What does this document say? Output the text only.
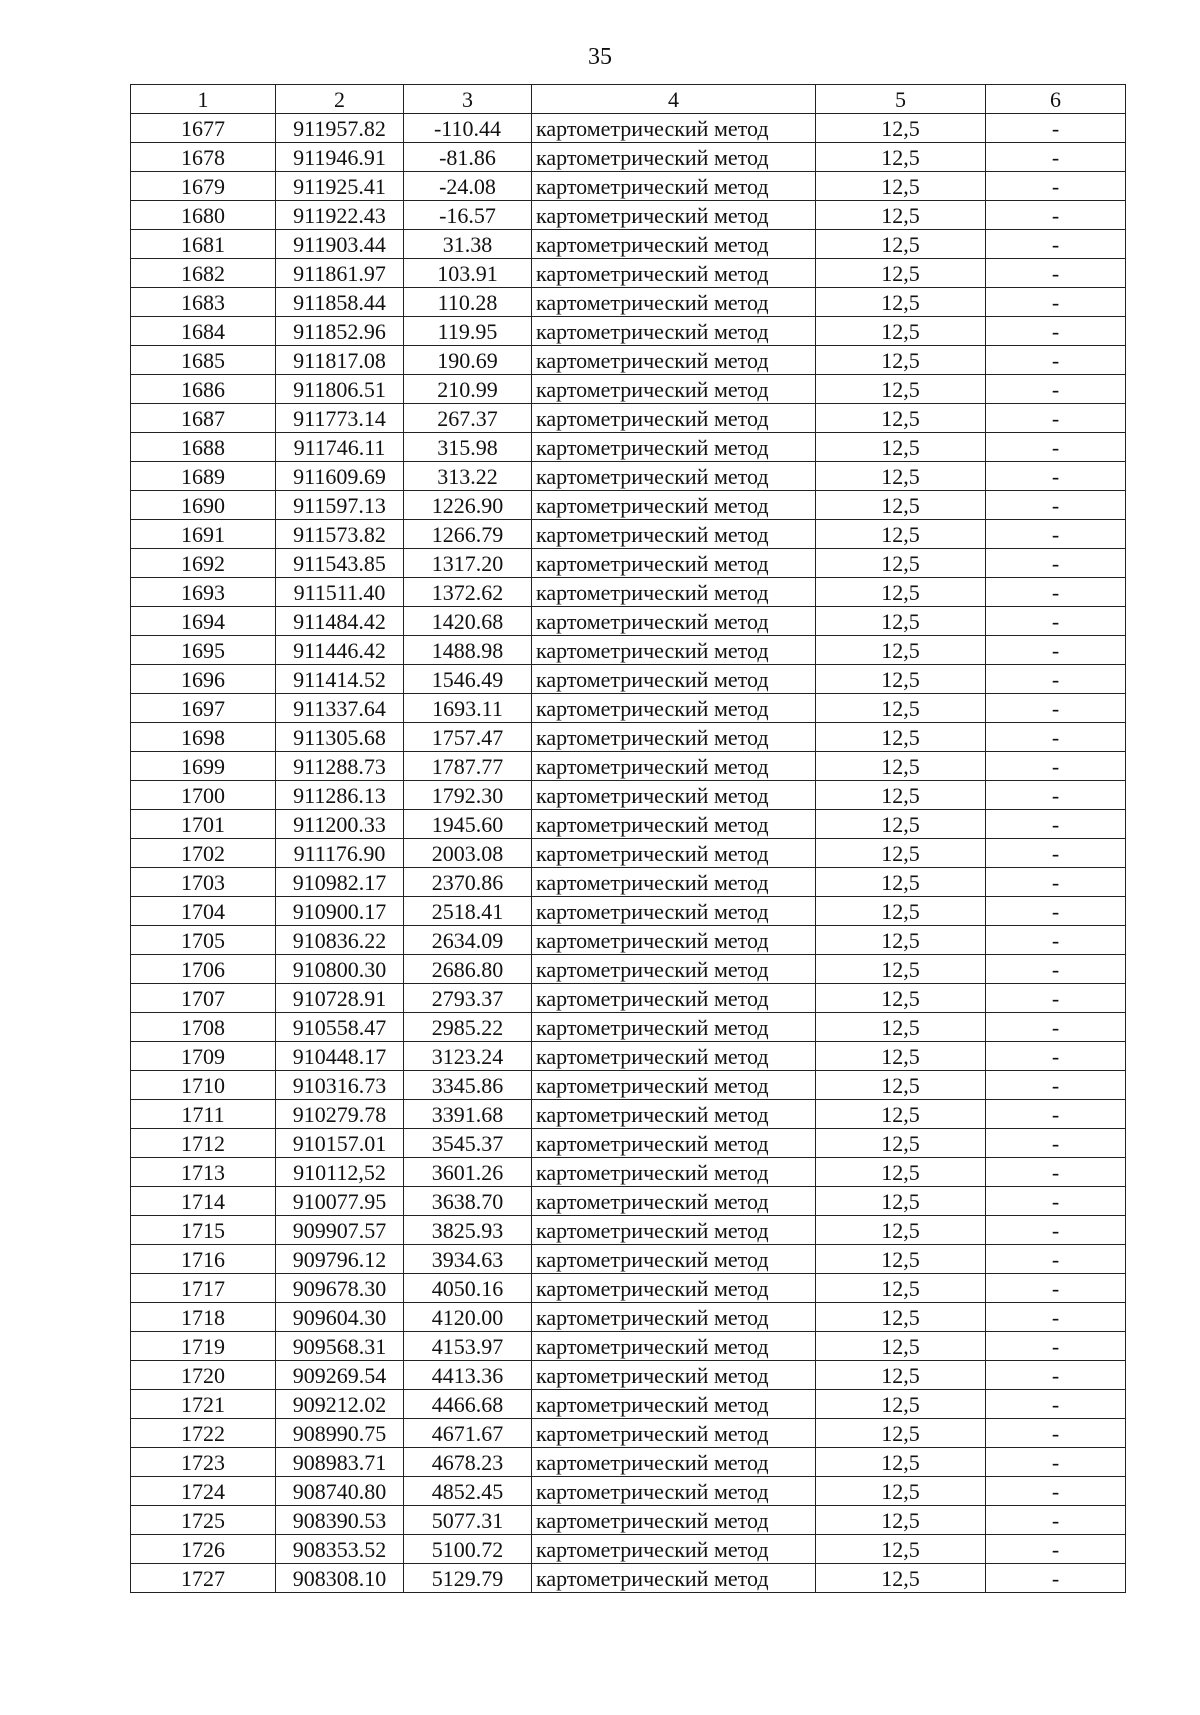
35
1	2	3	4	5	6
1677	911957.82	-110.44	картометрический метод	12,5	-
1678	911946.91	-81.86	картометрический метод	12,5	-
1679	911925.41	-24.08	картометрический метод	12,5	-
1680	911922.43	-16.57	картометрический метод	12,5	-
1681	911903.44	31.38	картометрический метод	12,5	-
1682	911861.97	103.91	картометрический метод	12,5	-
1683	911858.44	110.28	картометрический метод	12,5	-
1684	911852.96	119.95	картометрический метод	12,5	-
1685	911817.08	190.69	картометрический метод	12,5	-
1686	911806.51	210.99	картометрический метод	12,5	-
1687	911773.14	267.37	картометрический метод	12,5	-
1688	911746.11	315.98	картометрический метод	12,5	-
1689	911609.69	313.22	картометрический метод	12,5	-
1690	911597.13	1226.90	картометрический метод	12,5	-
1691	911573.82	1266.79	картометрический метод	12,5	-
1692	911543.85	1317.20	картометрический метод	12,5	-
1693	911511.40	1372.62	картометрический метод	12,5	-
1694	911484.42	1420.68	картометрический метод	12,5	-
1695	911446.42	1488.98	картометрический метод	12,5	-
1696	911414.52	1546.49	картометрический метод	12,5	-
1697	911337.64	1693.11	картометрический метод	12,5	-
1698	911305.68	1757.47	картометрический метод	12,5	-
1699	911288.73	1787.77	картометрический метод	12,5	-
1700	911286.13	1792.30	картометрический метод	12,5	-
1701	911200.33	1945.60	картометрический метод	12,5	-
1702	911176.90	2003.08	картометрический метод	12,5	-
1703	910982.17	2370.86	картометрический метод	12,5	-
1704	910900.17	2518.41	картометрический метод	12,5	-
1705	910836.22	2634.09	картометрический метод	12,5	-
1706	910800.30	2686.80	картометрический метод	12,5	-
1707	910728.91	2793.37	картометрический метод	12,5	-
1708	910558.47	2985.22	картометрический метод	12,5	-
1709	910448.17	3123.24	картометрический метод	12,5	-
1710	910316.73	3345.86	картометрический метод	12,5	-
1711	910279.78	3391.68	картометрический метод	12,5	-
1712	910157.01	3545.37	картометрический метод	12,5	-
1713	910112,52	3601.26	картометрический метод	12,5	-
1714	910077.95	3638.70	картометрический метод	12,5	-
1715	909907.57	3825.93	картометрический метод	12,5	-
1716	909796.12	3934.63	картометрический метод	12,5	-
1717	909678.30	4050.16	картометрический метод	12,5	-
1718	909604.30	4120.00	картометрический метод	12,5	-
1719	909568.31	4153.97	картометрический метод	12,5	-
1720	909269.54	4413.36	картометрический метод	12,5	-
1721	909212.02	4466.68	картометрический метод	12,5	-
1722	908990.75	4671.67	картометрический метод	12,5	-
1723	908983.71	4678.23	картометрический метод	12,5	-
1724	908740.80	4852.45	картометрический метод	12,5	-
1725	908390.53	5077.31	картометрический метод	12,5	-
1726	908353.52	5100.72	картометрический метод	12,5	-
1727	908308.10	5129.79	картометрический метод	12,5	-
